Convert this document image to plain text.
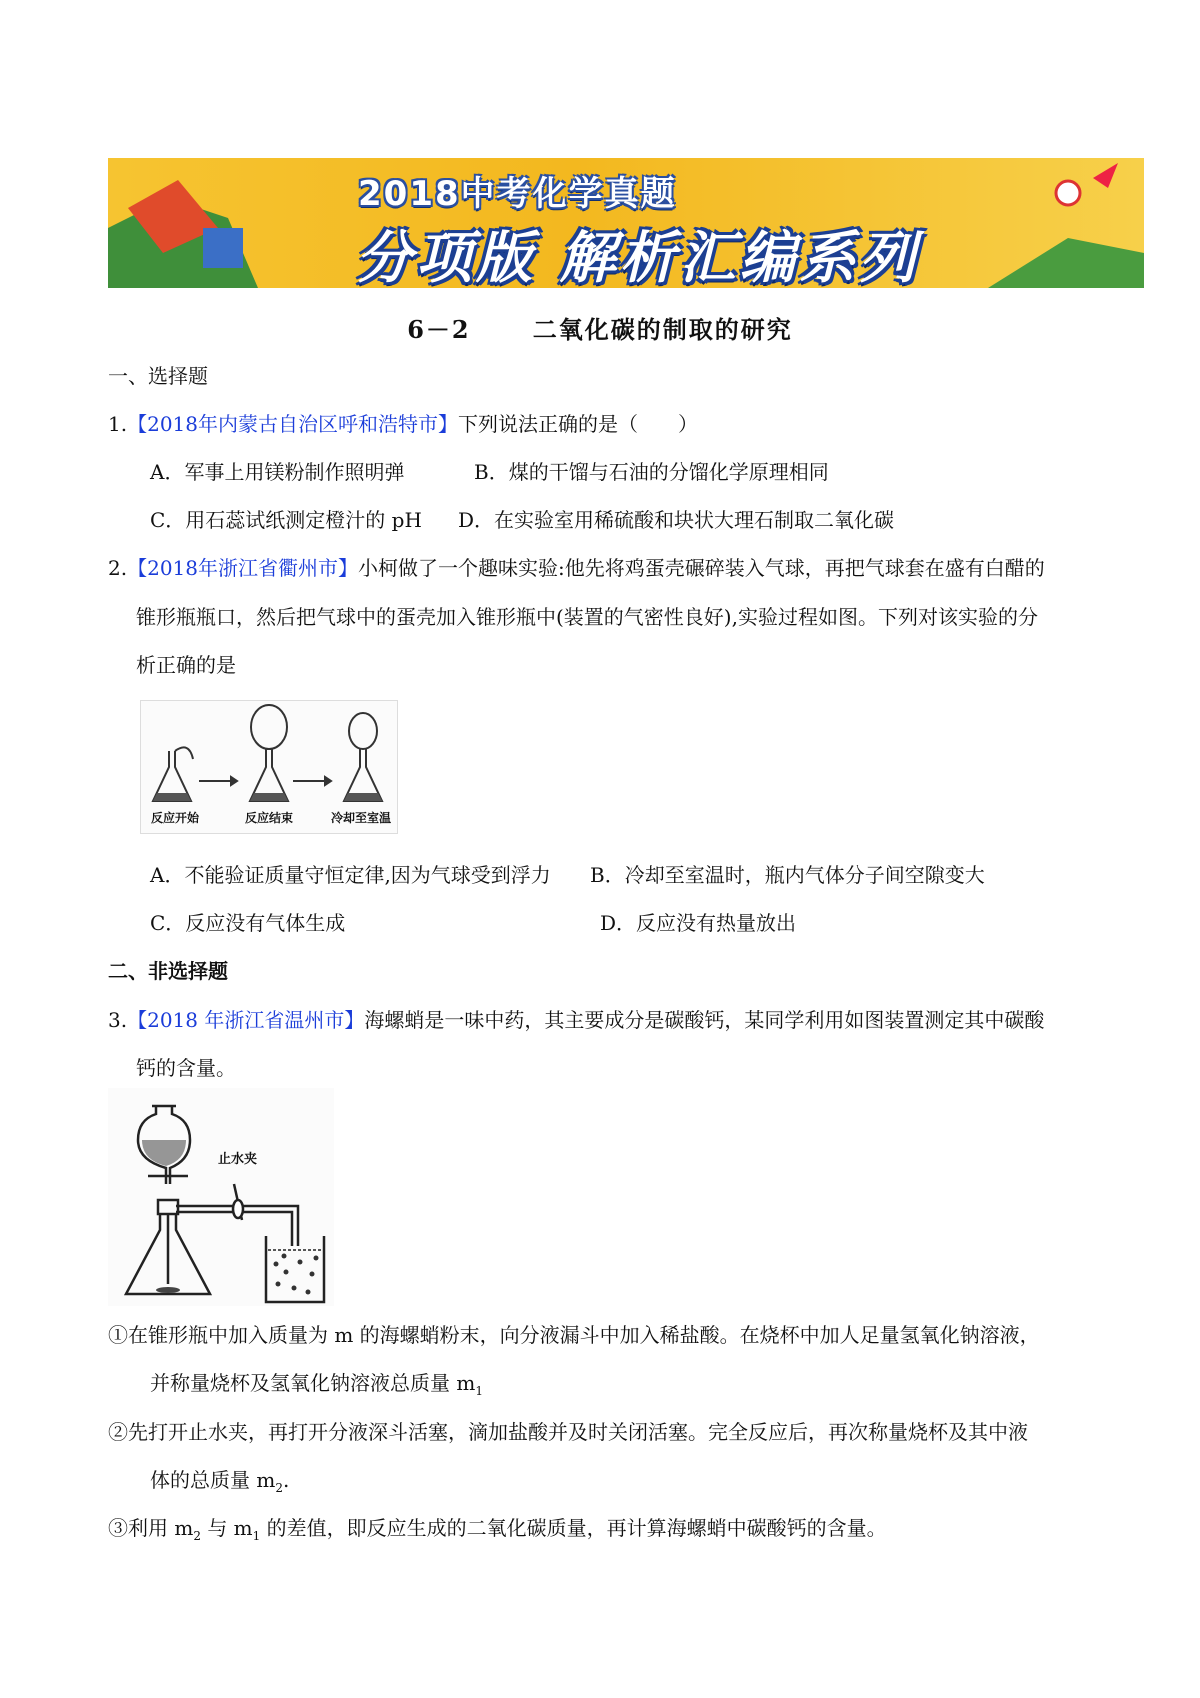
2018中考化学真题
分项版 解析汇编系列
6－2	二氧化碳的制取的研究
一、选择题
1.【2018年内蒙古自治区呼和浩特市】下列说法正确的是（　　）
A．军事上用镁粉制作照明弹	B．煤的干馏与石油的分馏化学原理相同
C．用石蕊试纸测定橙汁的 pH D．在实验室用稀硫酸和块状大理石制取二氧化碳
2.【2018年浙江省衢州市】小柯做了一个趣味实验:他先将鸡蛋壳碾碎装入气球，再把气球套在盛有白醋的
锥形瓶瓶口，然后把气球中的蛋壳加入锥形瓶中(装置的气密性良好),实验过程如图。下列对该实验的分
析正确的是
反应开始	反应结束	冷却至室温
A．不能验证质量守恒定律,因为气球受到浮力 B．冷却至室温时，瓶内气体分子间空隙变大
C．反应没有气体生成	D．反应没有热量放出
二、非选择题
3.【2018 年浙江省温州市】海螺蛸是一味中药，其主要成分是碳酸钙，某同学利用如图装置测定其中碳酸
钙的含量。
止水夹
①在锥形瓶中加入质量为 m 的海螺蛸粉末，向分液漏斗中加入稀盐酸。在烧杯中加人足量氢氧化钠溶液，
并称量烧杯及氢氧化钠溶液总质量 $m_1$
②先打开止水夹，再打开分液深斗活塞，滴加盐酸并及时关闭活塞。完全反应后，再次称量烧杯及其中液
体的总质量 $m_2$.
③利用 $m_2$ 与 $m_1$ 的差值，即反应生成的二氧化碳质量，再计算海螺蛸中碳酸钙的含量。
